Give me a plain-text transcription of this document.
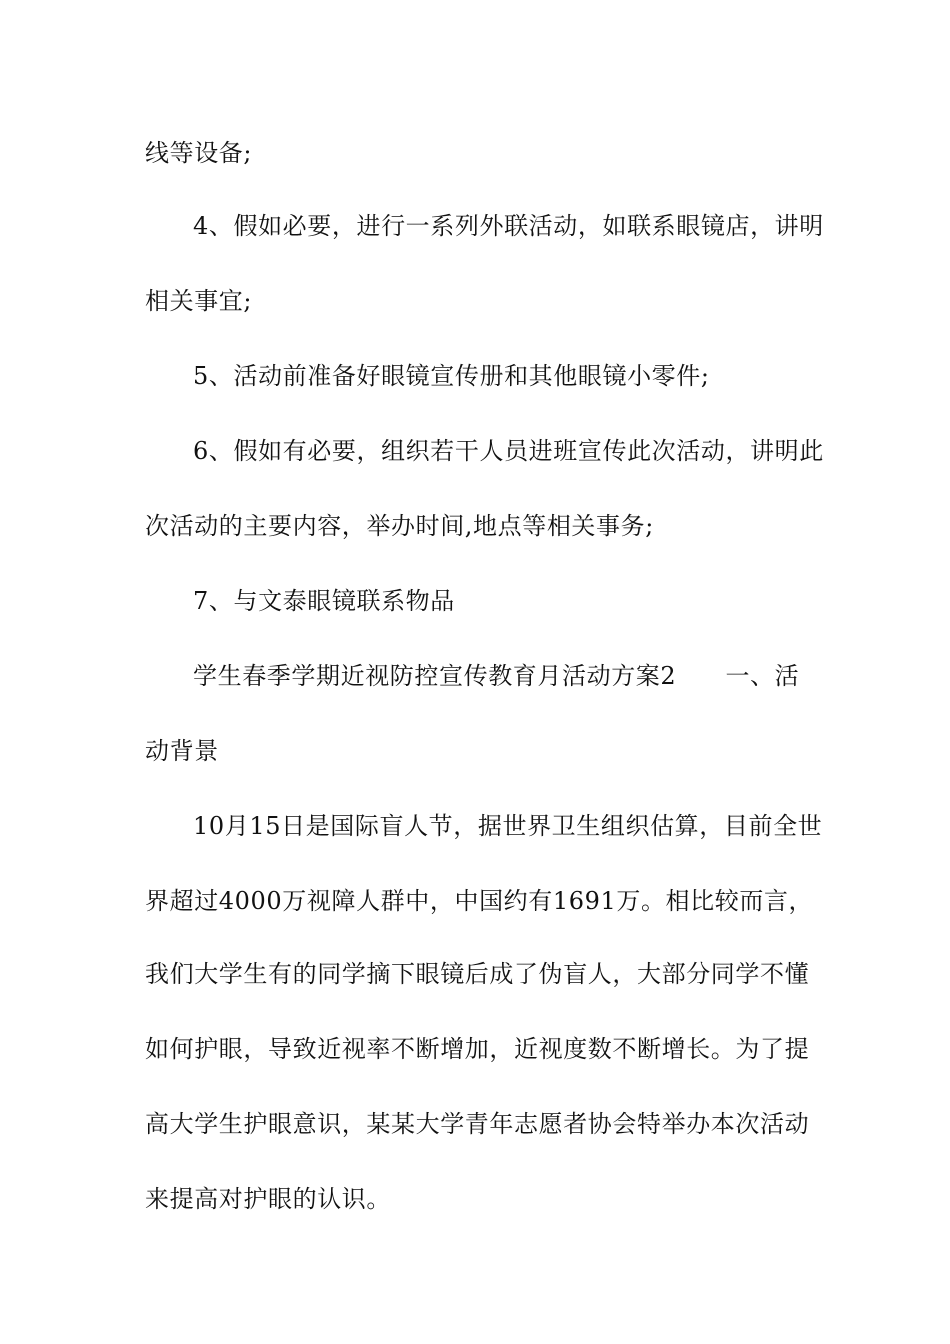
线等设备;
4、假如必要，进行一系列外联活动，如联系眼镜店，讲明
相关事宜;
5、活动前准备好眼镜宣传册和其他眼镜小零件;
6、假如有必要，组织若干人员进班宣传此次活动，讲明此
次活动的主要内容，举办时间,地点等相关事务;
7、与文泰眼镜联系物品
学生春季学期近视防控宣传教育月活动方案2　　一、活
动背景
10月15日是国际盲人节，据世界卫生组织估算，目前全世
界超过4000万视障人群中，中国约有1691万。相比较而言，
我们大学生有的同学摘下眼镜后成了伪盲人，大部分同学不懂
如何护眼，导致近视率不断增加，近视度数不断增长。为了提
高大学生护眼意识，某某大学青年志愿者协会特举办本次活动
来提高对护眼的认识。
